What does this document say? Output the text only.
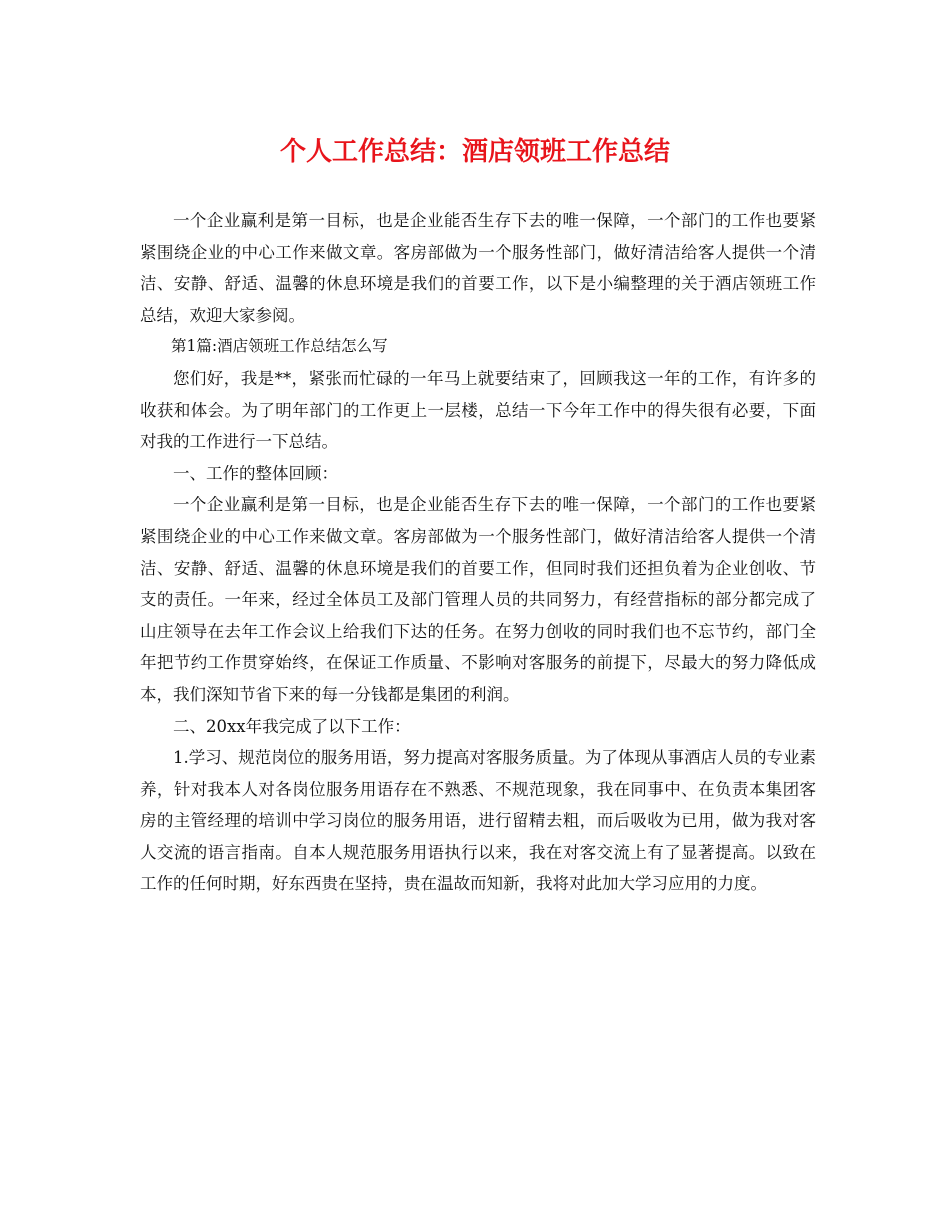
个人工作总结：酒店领班工作总结

一个企业赢利是第一目标，也是企业能否生存下去的唯一保障，一个部门的工作也要紧紧围绕企业的中心工作来做文章。客房部做为一个服务性部门，做好清洁给客人提供一个清洁、安静、舒适、温馨的休息环境是我们的首要工作，以下是小编整理的关于酒店领班工作总结，欢迎大家参阅。

第1篇:酒店领班工作总结怎么写

您们好，我是**，紧张而忙碌的一年马上就要结束了，回顾我这一年的工作，有许多的收获和体会。为了明年部门的工作更上一层楼，总结一下今年工作中的得失很有必要，下面对我的工作进行一下总结。

一、工作的整体回顾：

一个企业赢利是第一目标，也是企业能否生存下去的唯一保障，一个部门的工作也要紧紧围绕企业的中心工作来做文章。客房部做为一个服务性部门，做好清洁给客人提供一个清洁、安静、舒适、温馨的休息环境是我们的首要工作，但同时我们还担负着为企业创收、节支的责任。一年来，经过全体员工及部门管理人员的共同努力，有经营指标的部分都完成了山庄领导在去年工作会议上给我们下达的任务。在努力创收的同时我们也不忘节约，部门全年把节约工作贯穿始终，在保证工作质量、不影响对客服务的前提下，尽最大的努力降低成本，我们深知节省下来的每一分钱都是集团的利润。

二、20xx年我完成了以下工作：

1.学习、规范岗位的服务用语，努力提高对客服务质量。为了体现从事酒店人员的专业素养，针对我本人对各岗位服务用语存在不熟悉、不规范现象，我在同事中、在负责本集团客房的主管经理的培训中学习岗位的服务用语，进行留精去粗，而后吸收为已用，做为我对客人交流的语言指南。自本人规范服务用语执行以来，我在对客交流上有了显著提高。以致在工作的任何时期，好东西贵在坚持，贵在温故而知新，我将对此加大学习应用的力度。
